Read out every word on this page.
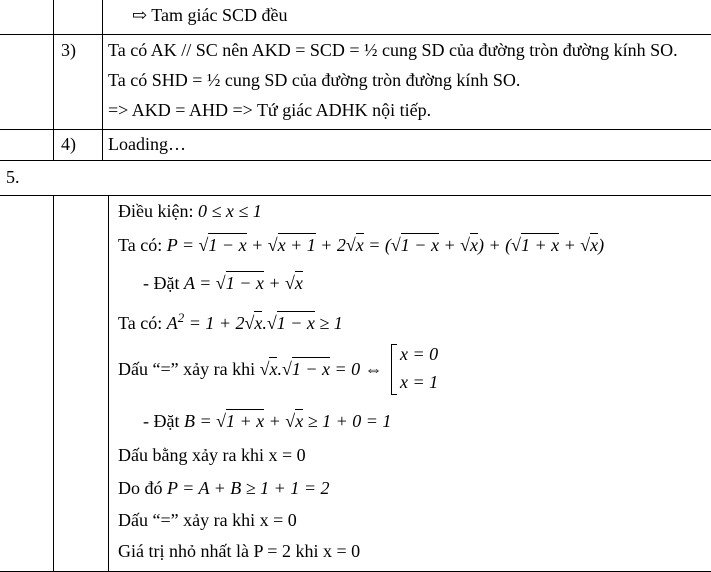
⇨ Tam giác SCD đều
3) Ta có AK // SC nên AKD = SCD = ½ cung SD của đường tròn đường kính SO.
Ta có SHD = ½ cung SD của đường tròn đường kính SO.
=> AKD = AHD => Tứ giác ADHK nội tiếp.
4) Loading…
5.
Điều kiện: 0 ≤ x ≤ 1
Ta có: P = √1 − x + √x + 1 + 2√x = (√1 − x + √x) + (√1 + x + √x)
- Đặt A = √1 − x + √x
Ta có: $A^2 = 1 + 2√x.√1 - x \ge 1$
Dấu “=” xảy ra khi √x.√1 − x = 0 ⇔
x = 0
x = 1
- Đặt B = √1 + x + √x ≥ 1 + 0 = 1
Dấu bằng xảy ra khi x = 0
Do đó P = A + B ≥ 1 + 1 = 2
Dấu “=” xảy ra khi x = 0
Giá trị nhỏ nhất là P = 2 khi x = 0
